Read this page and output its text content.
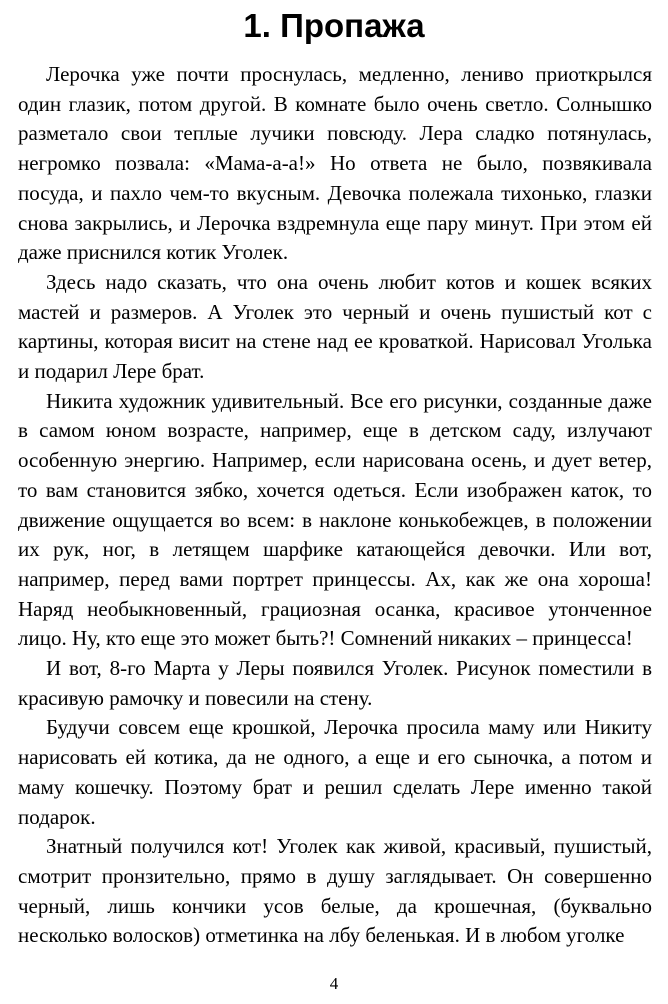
1. Пропажа

Лерочка уже почти проснулась, медленно, лениво приоткрылся один глазик, потом другой. В комнате было очень светло. Солнышко разметало свои теплые лучики повсюду. Лера сладко потянулась, негромко позвала: «Мама-а-а!» Но ответа не было, позвякивала посуда, и пахло чем-то вкусным. Девочка полежала тихонько, глазки снова закрылись, и Лерочка вздремнула еще пару минут. При этом ей даже приснился котик Уголек.

Здесь надо сказать, что она очень любит котов и кошек всяких мастей и размеров. А Уголек это черный и очень пушистый кот с картины, которая висит на стене над ее кроваткой. Нарисовал Уголька и подарил Лере брат.

Никита художник удивительный. Все его рисунки, созданные даже в самом юном возрасте, например, еще в детском саду, излучают особенную энергию. Например, если нарисована осень, и дует ветер, то вам становится зябко, хочется одеться. Если изображен каток, то движение ощущается во всем: в наклоне конькобежцев, в положении их рук, ног, в летящем шарфике катающейся девочки. Или вот, например, перед вами портрет принцессы. Ах, как же она хороша! Наряд необыкновенный, грациозная осанка, красивое утонченное лицо. Ну, кто еще это может быть?! Сомнений никаких – принцесса!

И вот, 8-го Марта у Леры появился Уголек. Рисунок поместили в красивую рамочку и повесили на стену.

Будучи совсем еще крошкой, Лерочка просила маму или Никиту нарисовать ей котика, да не одного, а еще и его сыночка, а потом и маму кошечку. Поэтому брат и решил сделать Лере именно такой подарок.

Знатный получился кот! Уголек как живой, красивый, пушистый, смотрит пронзительно, прямо в душу заглядывает. Он совершенно черный, лишь кончики усов белые, да крошечная, (буквально несколько волосков) отметинка на лбу беленькая. И в любом уголке

4
